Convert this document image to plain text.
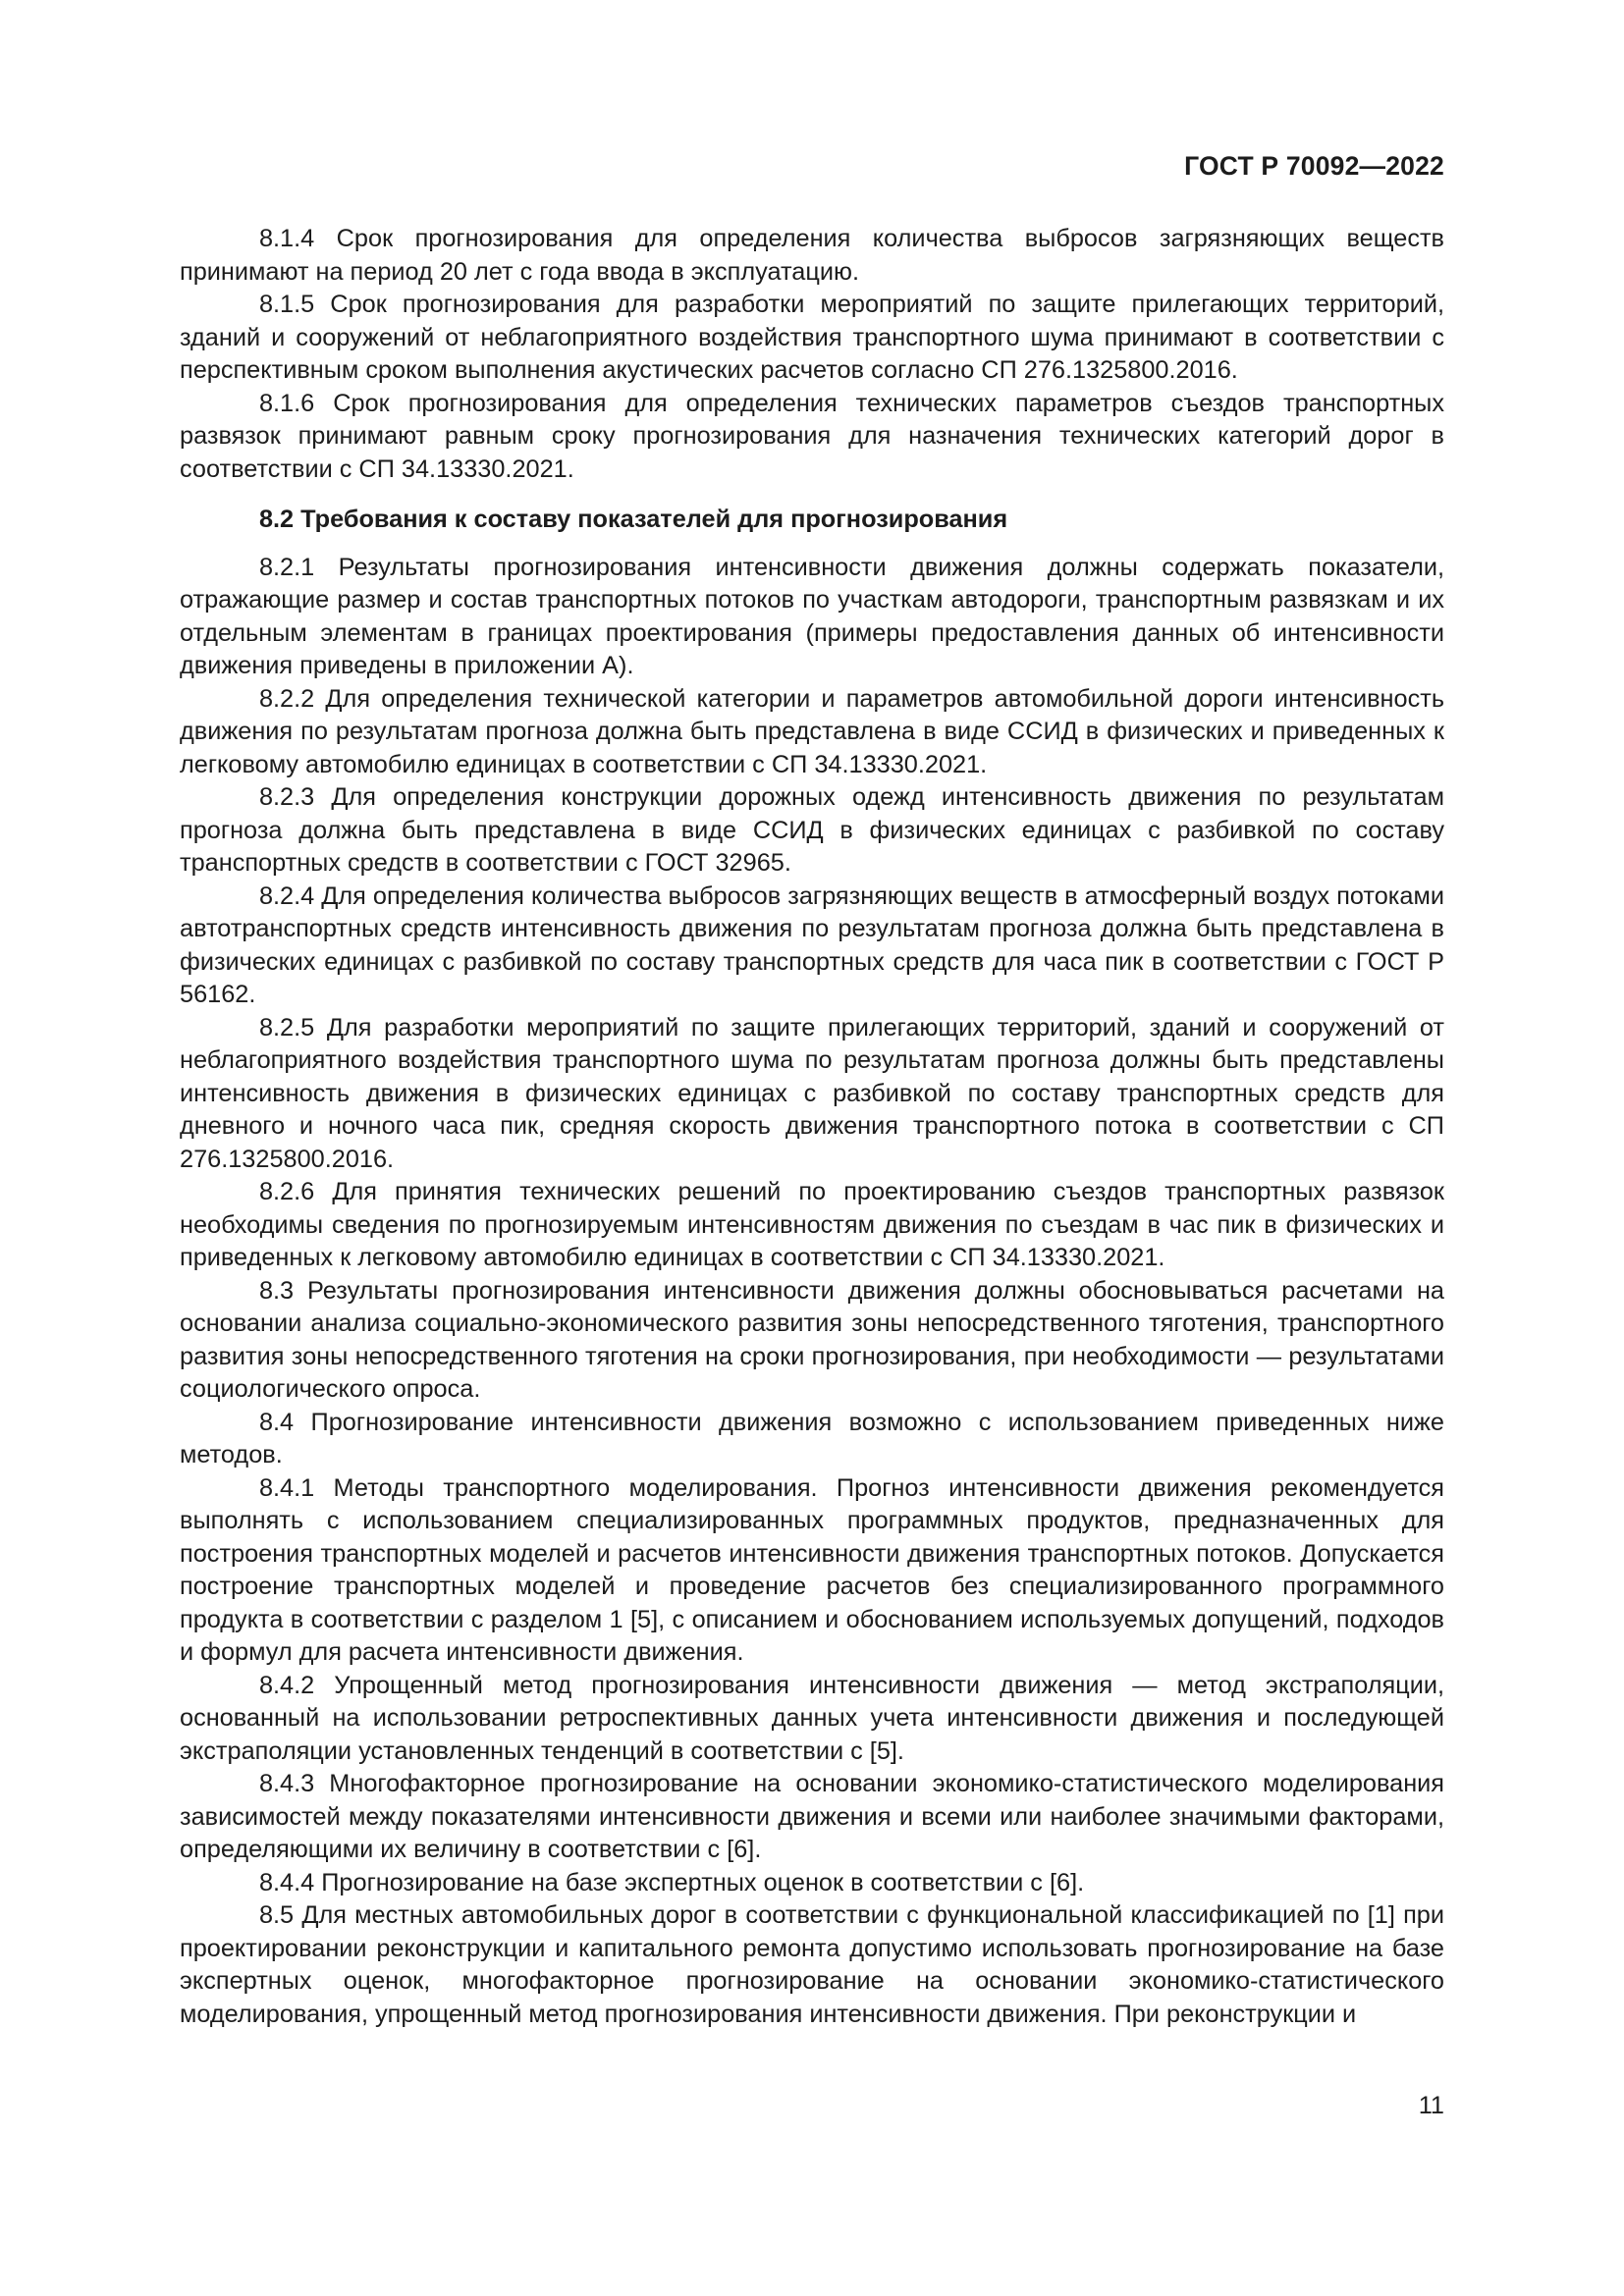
ГОСТ Р 70092—2022

8.1.4 Срок прогнозирования для определения количества выбросов загрязняющих веществ принимают на период 20 лет с года ввода в эксплуатацию.

8.1.5 Срок прогнозирования для разработки мероприятий по защите прилегающих территорий, зданий и сооружений от неблагоприятного воздействия транспортного шума принимают в соответствии с перспективным сроком выполнения акустических расчетов согласно СП 276.1325800.2016.

8.1.6 Срок прогнозирования для определения технических параметров съездов транспортных развязок принимают равным сроку прогнозирования для назначения технических категорий дорог в соответствии с СП 34.13330.2021.

8.2 Требования к составу показателей для прогнозирования

8.2.1 Результаты прогнозирования интенсивности движения должны содержать показатели, отражающие размер и состав транспортных потоков по участкам автодороги, транспортным развязкам и их отдельным элементам в границах проектирования (примеры предоставления данных об интенсивности движения приведены в приложении А).

8.2.2 Для определения технической категории и параметров автомобильной дороги интенсивность движения по результатам прогноза должна быть представлена в виде ССИД в физических и приведенных к легковому автомобилю единицах в соответствии с СП 34.13330.2021.

8.2.3 Для определения конструкции дорожных одежд интенсивность движения по результатам прогноза должна быть представлена в виде ССИД в физических единицах с разбивкой по составу транспортных средств в соответствии с ГОСТ 32965.

8.2.4 Для определения количества выбросов загрязняющих веществ в атмосферный воздух потоками автотранспортных средств интенсивность движения по результатам прогноза должна быть представлена в физических единицах с разбивкой по составу транспортных средств для часа пик в соответствии с ГОСТ Р 56162.

8.2.5 Для разработки мероприятий по защите прилегающих территорий, зданий и сооружений от неблагоприятного воздействия транспортного шума по результатам прогноза должны быть представлены интенсивность движения в физических единицах с разбивкой по составу транспортных средств для дневного и ночного часа пик, средняя скорость движения транспортного потока в соответствии с СП 276.1325800.2016.

8.2.6 Для принятия технических решений по проектированию съездов транспортных развязок необходимы сведения по прогнозируемым интенсивностям движения по съездам в час пик в физических и приведенных к легковому автомобилю единицах в соответствии с СП 34.13330.2021.

8.3 Результаты прогнозирования интенсивности движения должны обосновываться расчетами на основании анализа социально-экономического развития зоны непосредственного тяготения, транспортного развития зоны непосредственного тяготения на сроки прогнозирования, при необходимости — результатами социологического опроса.

8.4 Прогнозирование интенсивности движения возможно с использованием приведенных ниже методов.

8.4.1 Методы транспортного моделирования. Прогноз интенсивности движения рекомендуется выполнять с использованием специализированных программных продуктов, предназначенных для построения транспортных моделей и расчетов интенсивности движения транспортных потоков. Допускается построение транспортных моделей и проведение расчетов без специализированного программного продукта в соответствии с разделом 1 [5], с описанием и обоснованием используемых допущений, подходов и формул для расчета интенсивности движения.

8.4.2 Упрощенный метод прогнозирования интенсивности движения — метод экстраполяции, основанный на использовании ретроспективных данных учета интенсивности движения и последующей экстраполяции установленных тенденций в соответствии с [5].

8.4.3 Многофакторное прогнозирование на основании экономико-статистического моделирования зависимостей между показателями интенсивности движения и всеми или наиболее значимыми факторами, определяющими их величину в соответствии с [6].

8.4.4 Прогнозирование на базе экспертных оценок в соответствии с [6].

8.5 Для местных автомобильных дорог в соответствии с функциональной классификацией по [1] при проектировании реконструкции и капитального ремонта допустимо использовать прогнозирование на базе экспертных оценок, многофакторное прогнозирование на основании экономико-статистического моделирования, упрощенный метод прогнозирования интенсивности движения. При реконструкции и

11
